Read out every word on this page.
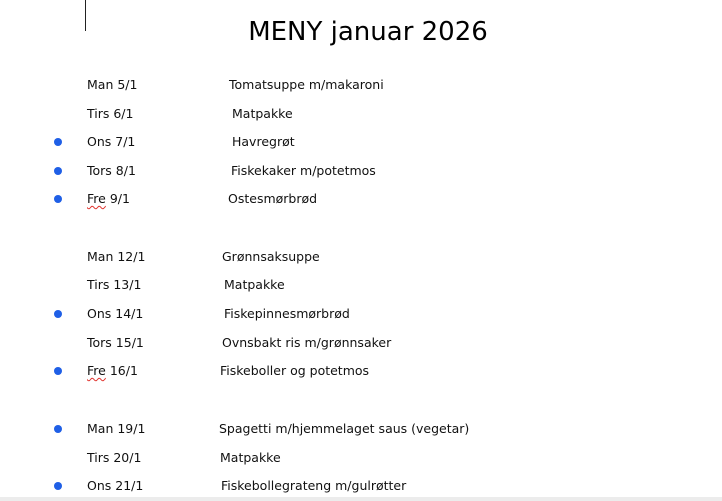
MENY januar 2026
Man 5/1	Tomatsuppe m/makaroni
Tirs 6/1	Matpakke
Ons 7/1	Havregrøt
Tors 8/1	Fiskekaker m/potetmos
Fre 9/1	Ostesmørbrød
Man 12/1	Grønnsaksuppe
Tirs 13/1	Matpakke
Ons 14/1	Fiskepinnesmørbrød
Tors 15/1	Ovnsbakt ris m/grønnsaker
Fre 16/1	Fiskeboller og potetmos
Man 19/1	Spagetti m/hjemmelaget saus (vegetar)
Tirs 20/1	Matpakke
Ons 21/1	Fiskebollegrateng m/gulrøtter
